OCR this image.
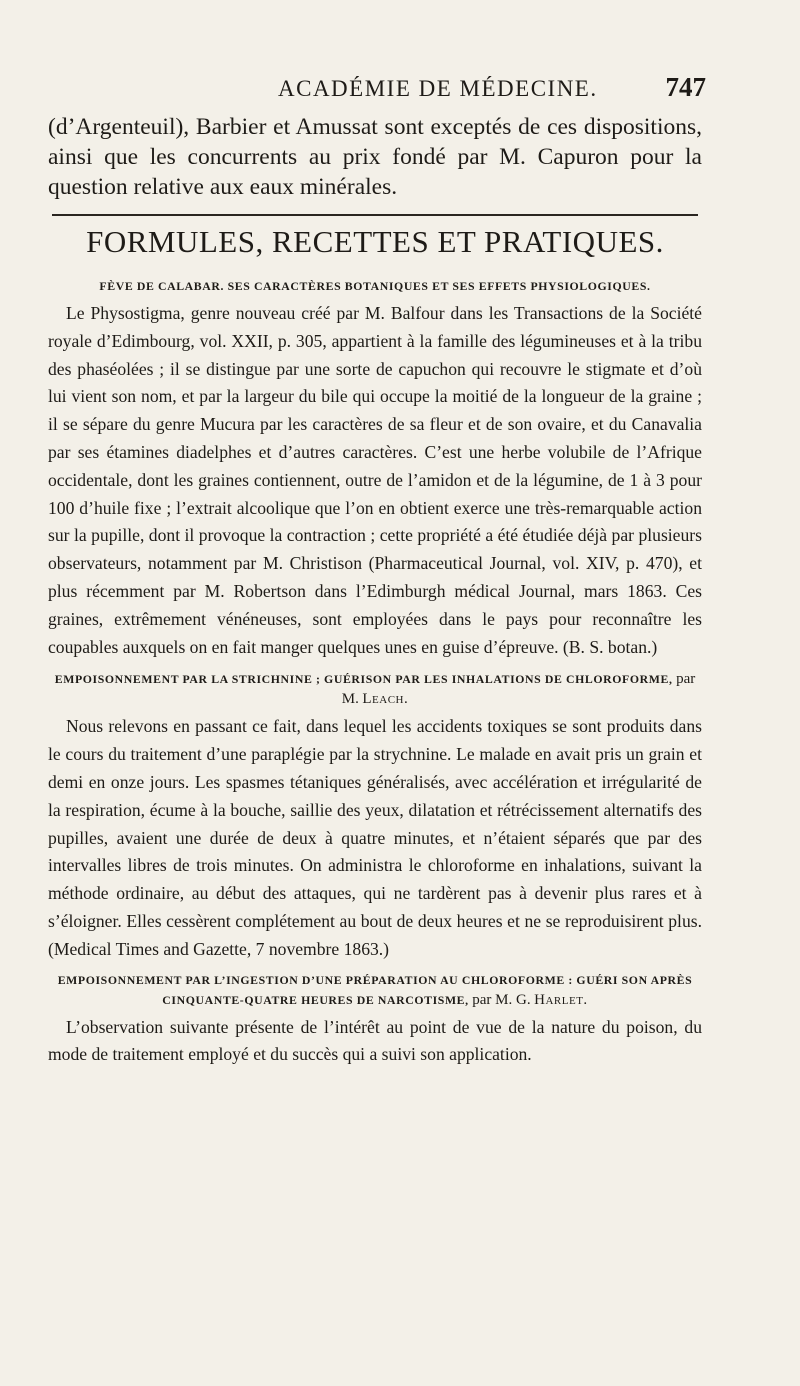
ACADÉMIE DE MÉDECINE.	747

(d’Argenteuil), Barbier et Amussat sont exceptés de ces dispositions, ainsi que les concurrents au prix fondé par M. Capuron pour la question relative aux eaux minérales.

FORMULES, RECETTES ET PRATIQUES.
FÈVE DE CALABAR. SES CARACTÈRES BOTANIQUES ET SES EFFETS PHYSIOLOGIQUES.

Le Physostigma, genre nouveau créé par M. Balfour dans les Transactions de la Société royale d’Edimbourg, vol. XXII, p. 305, appartient à la famille des légumineuses et à la tribu des phaséolées ; il se distingue par une sorte de capuchon qui recouvre le stigmate et d’où lui vient son nom, et par la largeur du bile qui occupe la moitié de la longueur de la graine ; il se sépare du genre Mucura par les caractères de sa fleur et de son ovaire, et du Canavalia par ses étamines diadelphes et d’autres caractères. C’est une herbe volubile de l’Afrique occidentale, dont les graines contiennent, outre de l’amidon et de la légumine, de 1 à 3 pour 100 d’huile fixe ; l’extrait alcoolique que l’on en obtient exerce une très-remarquable action sur la pupille, dont il provoque la contraction ; cette propriété a été étudiée déjà par plusieurs observateurs, notamment par M. Christison (Pharmaceutical Journal, vol. XIV, p. 470), et plus récemment par M. Robertson dans l’Edimburgh médical Journal, mars 1863. Ces graines, extrêmement vénéneuses, sont employées dans le pays pour reconnaître les coupables auxquels on en fait manger quelques unes en guise d’épreuve. (B. S. botan.)

EMPOISONNEMENT PAR LA STRICHNINE ; GUÉRISON PAR LES INHALATIONS DE CHLOROFORME, par M. Leach.

Nous relevons en passant ce fait, dans lequel les accidents toxiques se sont produits dans le cours du traitement d’une paraplégie par la strychnine. Le malade en avait pris un grain et demi en onze jours. Les spasmes tétaniques généralisés, avec accélération et irrégularité de la respiration, écume à la bouche, saillie des yeux, dilatation et rétrécissement alternatifs des pupilles, avaient une durée de deux à quatre minutes, et n’étaient séparés que par des intervalles libres de trois minutes. On administra le chloroforme en inhalations, suivant la méthode ordinaire, au début des attaques, qui ne tardèrent pas à devenir plus rares et à s’éloigner. Elles cessèrent complétement au bout de deux heures et ne se reproduisirent plus. (Medical Times and Gazette, 7 novembre 1863.)

EMPOISONNEMENT PAR L’INGESTION D’UNE PRÉPARATION AU CHLOROFORME : GUÉRI SON APRÈS CINQUANTE-QUATRE HEURES DE NARCOTISME, par M. G. Harlet.

L’observation suivante présente de l’intérêt au point de vue de la nature du poison, du mode de traitement employé et du succès qui a suivi son application.
